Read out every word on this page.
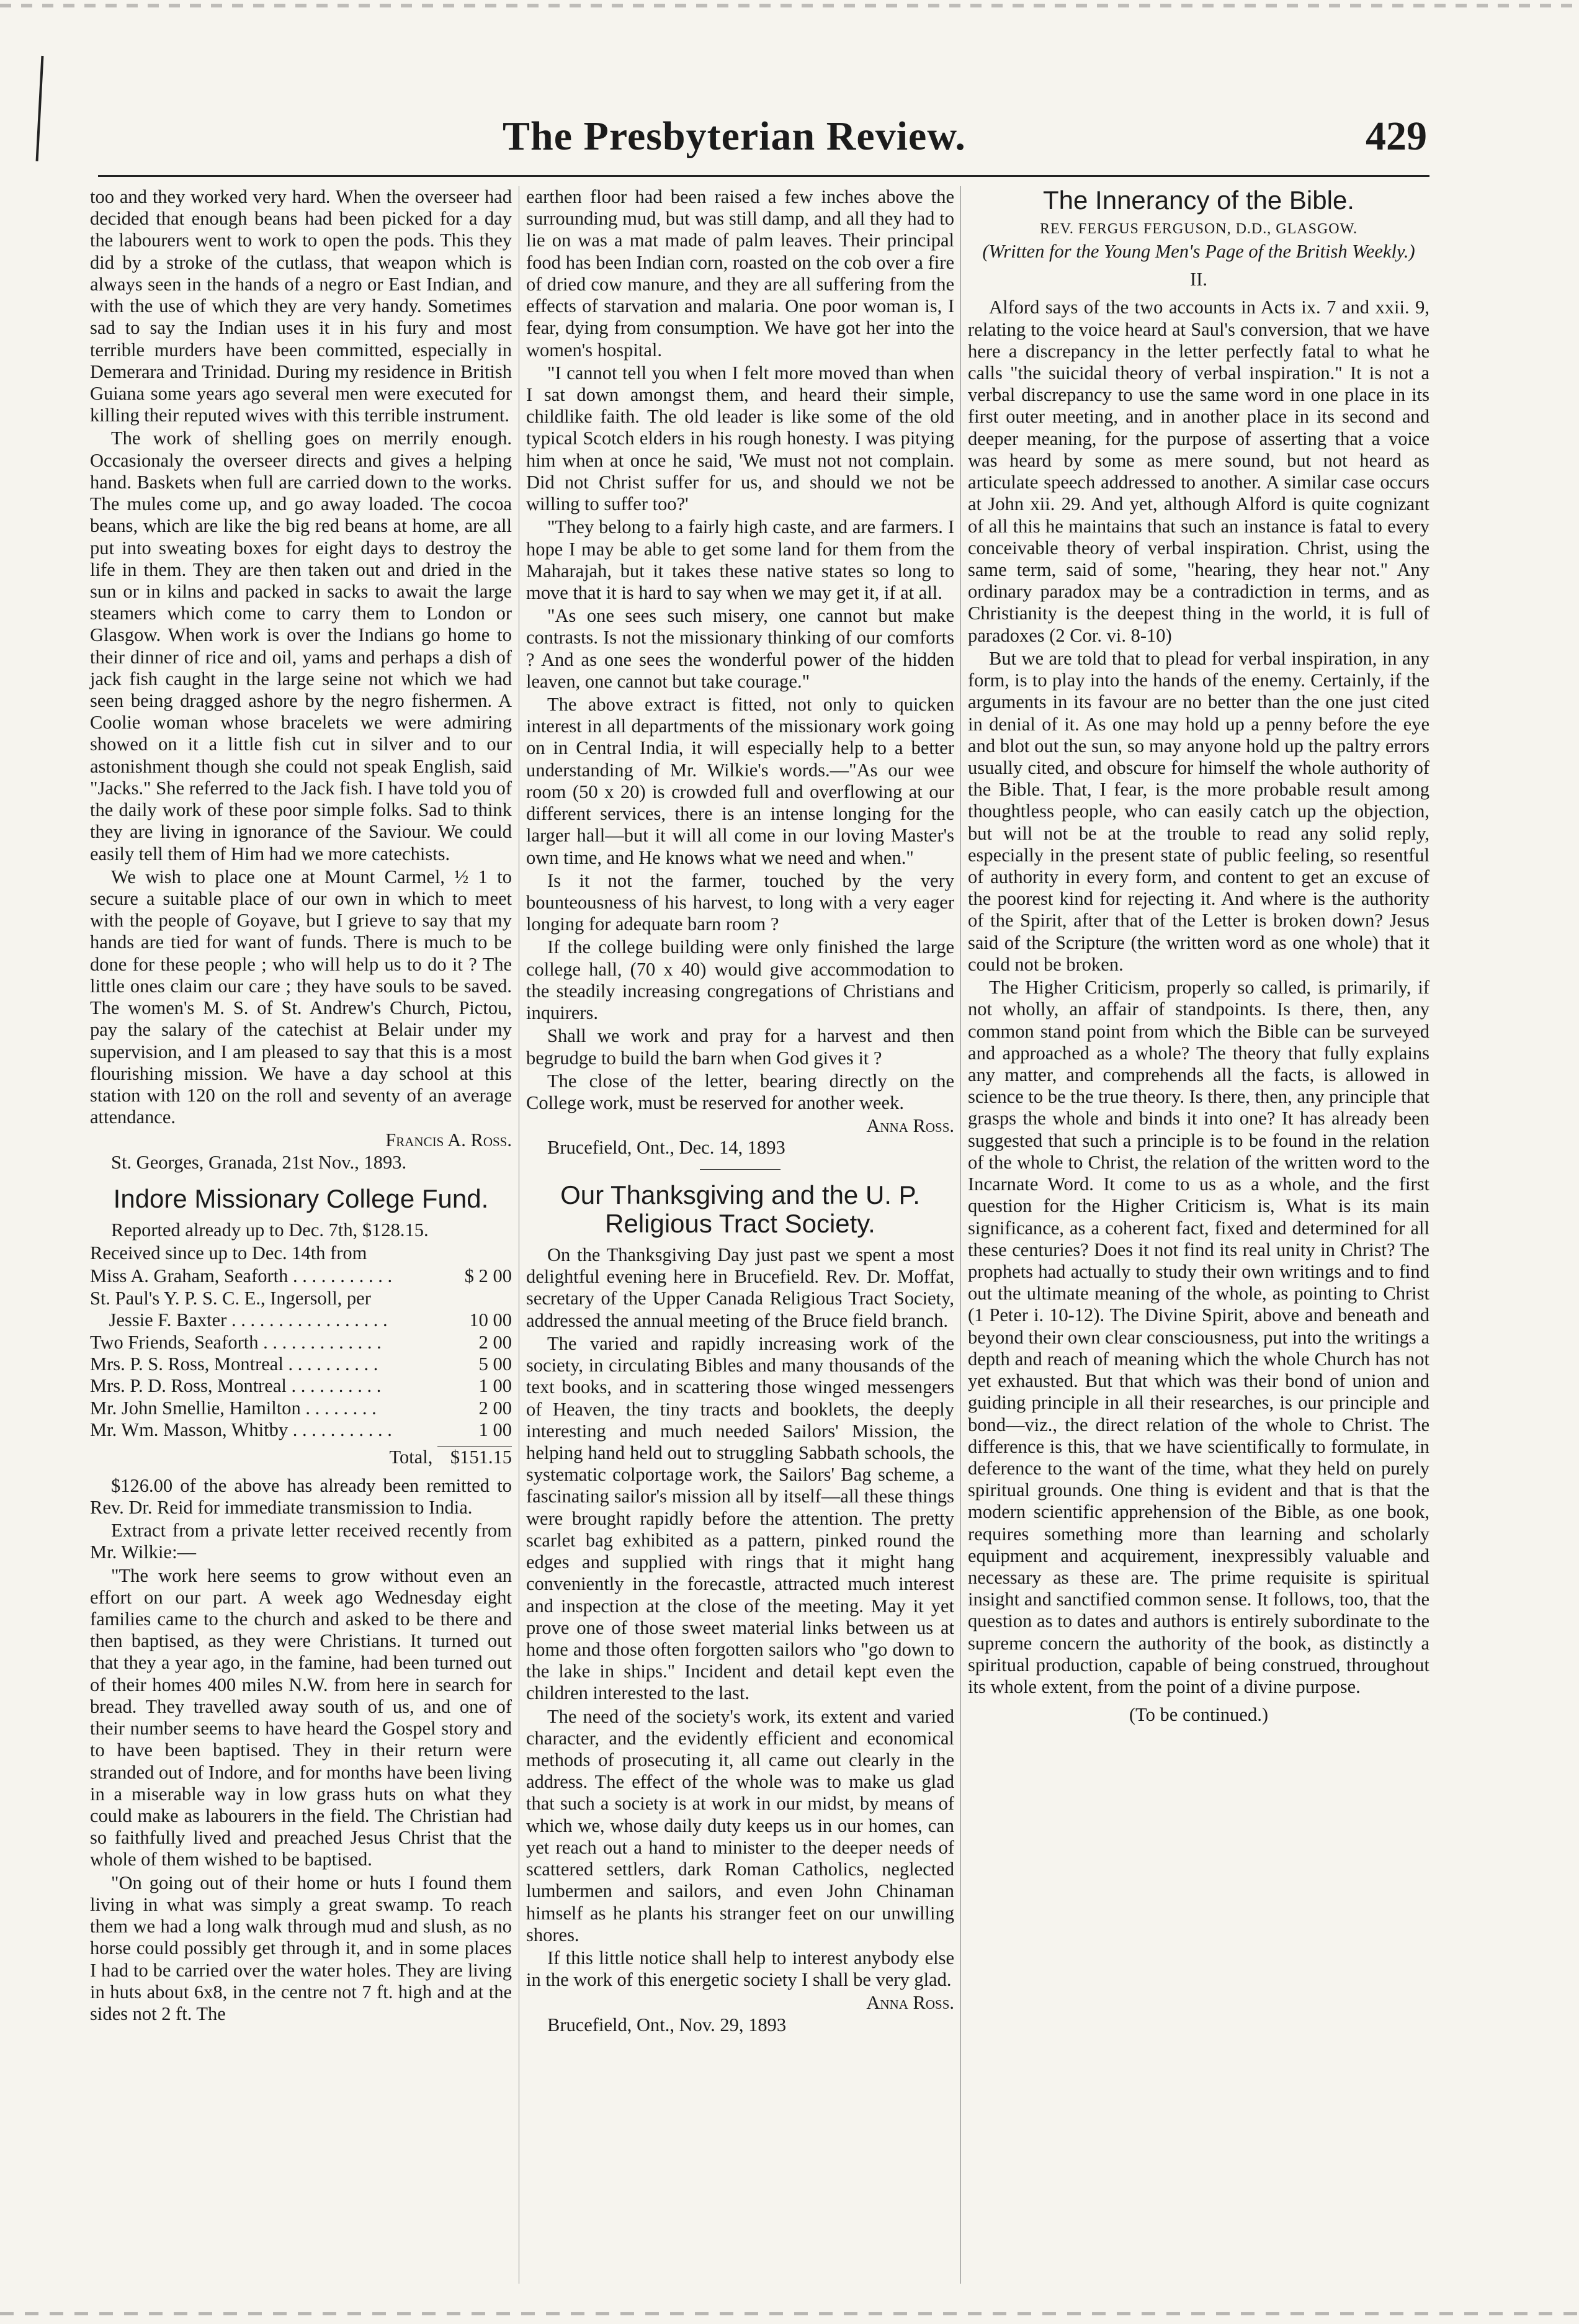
The Presbyterian Review.	429

too and they worked very hard. When the overseer had decided that enough beans had been picked for a day the labourers went to work to open the pods. This they did by a stroke of the cutlass, that weapon which is always seen in the hands of a negro or East Indian, and with the use of which they are very handy. Sometimes sad to say the Indian uses it in his fury and most terrible murders have been committed, especially in Demerara and Trinidad. During my residence in British Guiana some years ago several men were executed for killing their reputed wives with this terrible instrument.

The work of shelling goes on merrily enough. Occasionaly the overseer directs and gives a helping hand. Baskets when full are carried down to the works. The mules come up, and go away loaded. The cocoa beans, which are like the big red beans at home, are all put into sweating boxes for eight days to destroy the life in them. They are then taken out and dried in the sun or in kilns and packed in sacks to await the large steamers which come to carry them to London or Glasgow. When work is over the Indians go home to their dinner of rice and oil, yams and perhaps a dish of jack fish caught in the large seine not which we had seen being dragged ashore by the negro fishermen. A Coolie woman whose bracelets we were admiring showed on it a little fish cut in silver and to our astonishment though she could not speak English, said "Jacks." She referred to the Jack fish. I have told you of the daily work of these poor simple folks. Sad to think they are living in ignorance of the Saviour. We could easily tell them of Him had we more catechists.

We wish to place one at Mount Carmel, ½ 1 to secure a suitable place of our own in which to meet with the people of Goyave, but I grieve to say that my hands are tied for want of funds. There is much to be done for these people ; who will help us to do it ? The little ones claim our care ; they have souls to be saved. The women's M. S. of St. Andrew's Church, Pictou, pay the salary of the catechist at Belair under my supervision, and I am pleased to say that this is a most flourishing mission. We have a day school at this station with 120 on the roll and seventy of an average attendance.

Francis A. Ross.
St. Georges, Granada, 21st Nov., 1893.
Indore Missionary College Fund.

Reported already up to Dec. 7th, $128.15.

Received since up to Dec. 14th from

Miss A. Graham, Seaforth . . . . . . . . . . .	$ 2 00
St. Paul's Y. P. S. C. E., Ingersoll, per	
 Jessie F. Baxter . . . . . . . . . . . . . . . . .	10 00
Two Friends, Seaforth . . . . . . . . . . . . .	2 00
Mrs. P. S. Ross, Montreal . . . . . . . . . .	5 00
Mrs. P. D. Ross, Montreal . . . . . . . . . .	1 00
Mr. John Smellie, Hamilton . . . . . . . .	2 00
Mr. Wm. Masson, Whitby . . . . . . . . . . .	1 00
Total, $151.15

$126.00 of the above has already been remitted to Rev. Dr. Reid for immediate transmission to India.

Extract from a private letter received recently from Mr. Wilkie:—

"The work here seems to grow without even an effort on our part. A week ago Wednesday eight families came to the church and asked to be there and then baptised, as they were Christians. It turned out that they a year ago, in the famine, had been turned out of their homes 400 miles N.W. from here in search for bread. They travelled away south of us, and one of their number seems to have heard the Gospel story and to have been baptised. They in their return were stranded out of Indore, and for months have been living in a miserable way in low grass huts on what they could make as labourers in the field. The Christian had so faithfully lived and preached Jesus Christ that the whole of them wished to be baptised.

"On going out of their home or huts I found them living in what was simply a great swamp. To reach them we had a long walk through mud and slush, as no horse could possibly get through it, and in some places I had to be carried over the water holes. They are living in huts about 6x8, in the centre not 7 ft. high and at the sides not 2 ft. The

earthen floor had been raised a few inches above the surrounding mud, but was still damp, and all they had to lie on was a mat made of palm leaves. Their principal food has been Indian corn, roasted on the cob over a fire of dried cow manure, and they are all suffering from the effects of starvation and malaria. One poor woman is, I fear, dying from consumption. We have got her into the women's hospital.

"I cannot tell you when I felt more moved than when I sat down amongst them, and heard their simple, childlike faith. The old leader is like some of the old typical Scotch elders in his rough honesty. I was pitying him when at once he said, 'We must not not complain. Did not Christ suffer for us, and should we not be willing to suffer too?'

"They belong to a fairly high caste, and are farmers. I hope I may be able to get some land for them from the Maharajah, but it takes these native states so long to move that it is hard to say when we may get it, if at all.

"As one sees such misery, one cannot but make contrasts. Is not the missionary thinking of our comforts ? And as one sees the wonderful power of the hidden leaven, one cannot but take courage."

The above extract is fitted, not only to quicken interest in all departments of the missionary work going on in Central India, it will especially help to a better understanding of Mr. Wilkie's words.—"As our wee room (50 x 20) is crowded full and overflowing at our different services, there is an intense longing for the larger hall—but it will all come in our loving Master's own time, and He knows what we need and when."

Is it not the farmer, touched by the very bounteousness of his harvest, to long with a very eager longing for adequate barn room ?

If the college building were only finished the large college hall, (70 x 40) would give accommodation to the steadily increasing congregations of Christians and inquirers.

Shall we work and pray for a harvest and then begrudge to build the barn when God gives it ?

The close of the letter, bearing directly on the College work, must be reserved for another week.

Anna Ross.
Brucefield, Ont., Dec. 14, 1893
Our Thanksgiving and the U. P. Religious Tract Society.

On the Thanksgiving Day just past we spent a most delightful evening here in Brucefield. Rev. Dr. Moffat, secretary of the Upper Canada Religious Tract Society, addressed the annual meeting of the Bruce field branch.

The varied and rapidly increasing work of the society, in circulating Bibles and many thousands of the text books, and in scattering those winged messengers of Heaven, the tiny tracts and booklets, the deeply interesting and much needed Sailors' Mission, the helping hand held out to struggling Sabbath schools, the systematic colportage work, the Sailors' Bag scheme, a fascinating sailor's mission all by itself—all these things were brought rapidly before the attention. The pretty scarlet bag exhibited as a pattern, pinked round the edges and supplied with rings that it might hang conveniently in the forecastle, attracted much interest and inspection at the close of the meeting. May it yet prove one of those sweet material links between us at home and those often forgotten sailors who "go down to the lake in ships." Incident and detail kept even the children interested to the last.

The need of the society's work, its extent and varied character, and the evidently efficient and economical methods of prosecuting it, all came out clearly in the address. The effect of the whole was to make us glad that such a society is at work in our midst, by means of which we, whose daily duty keeps us in our homes, can yet reach out a hand to minister to the deeper needs of scattered settlers, dark Roman Catholics, neglected lumbermen and sailors, and even John Chinaman himself as he plants his stranger feet on our unwilling shores.

If this little notice shall help to interest anybody else in the work of this energetic society I shall be very glad.

Anna Ross.
Brucefield, Ont., Nov. 29, 1893
The Innerancy of the Bible.
REV. FERGUS FERGUSON, D.D., GLASGOW.
(Written for the Young Men's Page of the British Weekly.)
II.

Alford says of the two accounts in Acts ix. 7 and xxii. 9, relating to the voice heard at Saul's conversion, that we have here a discrepancy in the letter perfectly fatal to what he calls "the suicidal theory of verbal inspiration." It is not a verbal discrepancy to use the same word in one place in its first outer meeting, and in another place in its second and deeper meaning, for the purpose of asserting that a voice was heard by some as mere sound, but not heard as articulate speech addressed to another. A similar case occurs at John xii. 29. And yet, although Alford is quite cognizant of all this he maintains that such an instance is fatal to every conceivable theory of verbal inspiration. Christ, using the same term, said of some, "hearing, they hear not." Any ordinary paradox may be a contradiction in terms, and as Christianity is the deepest thing in the world, it is full of paradoxes (2 Cor. vi. 8-10)

But we are told that to plead for verbal inspiration, in any form, is to play into the hands of the enemy. Certainly, if the arguments in its favour are no better than the one just cited in denial of it. As one may hold up a penny before the eye and blot out the sun, so may anyone hold up the paltry errors usually cited, and obscure for himself the whole authority of the Bible. That, I fear, is the more probable result among thoughtless people, who can easily catch up the objection, but will not be at the trouble to read any solid reply, especially in the present state of public feeling, so resentful of authority in every form, and content to get an excuse of the poorest kind for rejecting it. And where is the authority of the Spirit, after that of the Letter is broken down? Jesus said of the Scripture (the written word as one whole) that it could not be broken.

The Higher Criticism, properly so called, is primarily, if not wholly, an affair of standpoints. Is there, then, any common stand point from which the Bible can be surveyed and approached as a whole? The theory that fully explains any matter, and comprehends all the facts, is allowed in science to be the true theory. Is there, then, any principle that grasps the whole and binds it into one? It has already been suggested that such a principle is to be found in the relation of the whole to Christ, the relation of the written word to the Incarnate Word. It come to us as a whole, and the first question for the Higher Criticism is, What is its main significance, as a coherent fact, fixed and determined for all these centuries? Does it not find its real unity in Christ? The prophets had actually to study their own writings and to find out the ultimate meaning of the whole, as pointing to Christ (1 Peter i. 10-12). The Divine Spirit, above and beneath and beyond their own clear consciousness, put into the writings a depth and reach of meaning which the whole Church has not yet exhausted. But that which was their bond of union and guiding principle in all their researches, is our principle and bond—viz., the direct relation of the whole to Christ. The difference is this, that we have scientifically to formulate, in deference to the want of the time, what they held on purely spiritual grounds. One thing is evident and that is that the modern scientific apprehension of the Bible, as one book, requires something more than learning and scholarly equipment and acquirement, inexpressibly valuable and necessary as these are. The prime requisite is spiritual insight and sanctified common sense. It follows, too, that the question as to dates and authors is entirely subordinate to the supreme concern the authority of the book, as distinctly a spiritual production, capable of being construed, throughout its whole extent, from the point of a divine purpose.

(To be continued.)
